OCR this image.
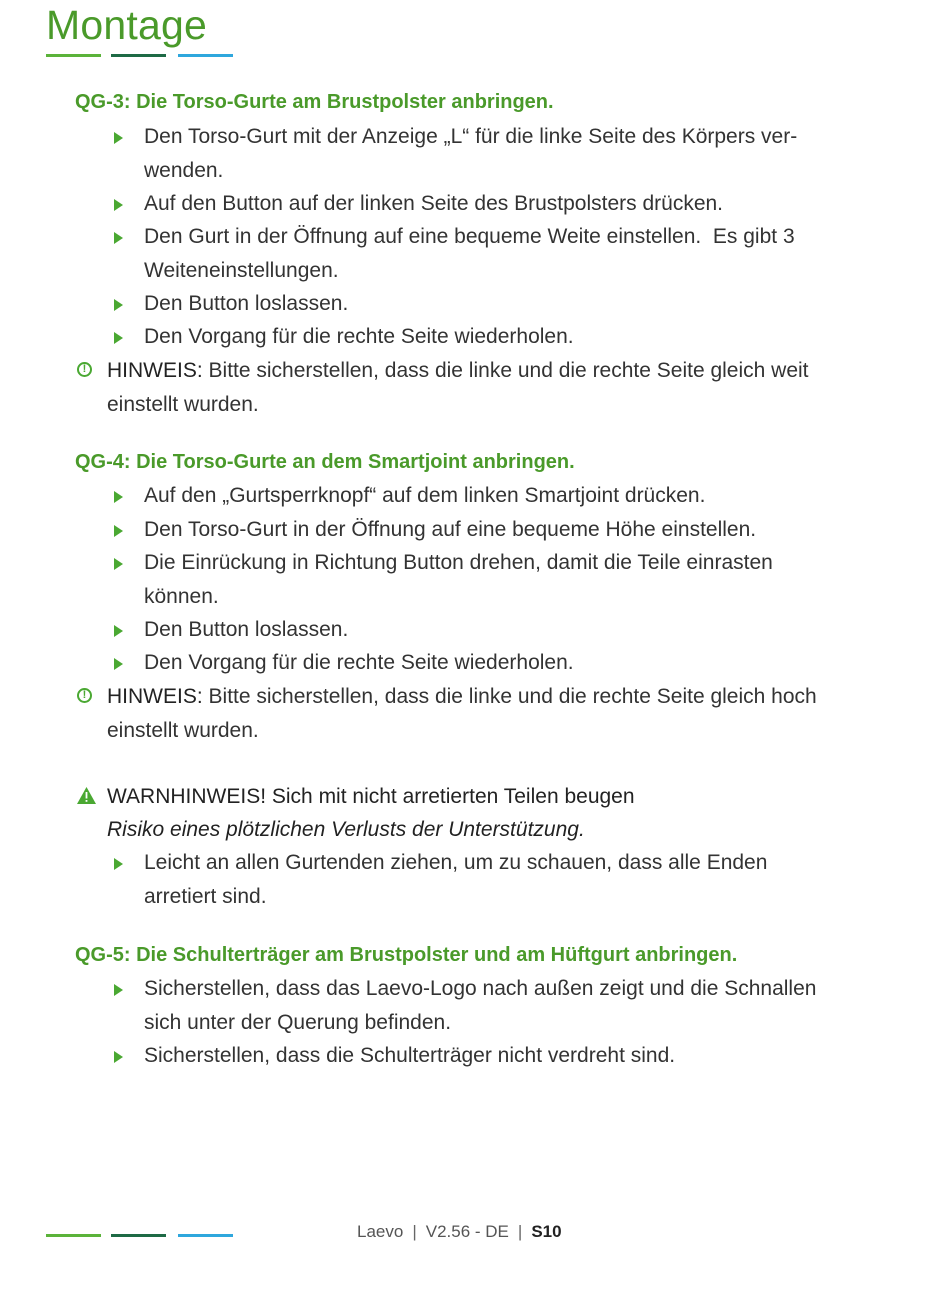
Montage
QG-3: Die Torso-Gurte am Brustpolster anbringen.
Den Torso-Gurt mit der Anzeige „L“ für die linke Seite des Körpers ver-
wenden.
Auf den Button auf der linken Seite des Brustpolsters drücken.
Den Gurt in der Öffnung auf eine bequeme Weite einstellen.  Es gibt 3
Weiteneinstellungen.
Den Button loslassen.
Den Vorgang für die rechte Seite wiederholen.
! HINWEIS: Bitte sicherstellen, dass die linke und die rechte Seite gleich weit
einstellt wurden.
QG-4: Die Torso-Gurte an dem Smartjoint anbringen.
Auf den „Gurtsperrknopf“ auf dem linken Smartjoint drücken.
Den Torso-Gurt in der Öffnung auf eine bequeme Höhe einstellen.
Die Einrückung in Richtung Button drehen, damit die Teile einrasten
können.
Den Button loslassen.
Den Vorgang für die rechte Seite wiederholen.
! HINWEIS: Bitte sicherstellen, dass die linke und die rechte Seite gleich hoch
einstellt wurden.
WARNHINWEIS! Sich mit nicht arretierten Teilen beugen
Risiko eines plötzlichen Verlusts der Unterstützung.
Leicht an allen Gurtenden ziehen, um zu schauen, dass alle Enden
arretiert sind.
QG-5: Die Schulterträger am Brustpolster und am Hüftgurt anbringen.
Sicherstellen, dass das Laevo-Logo nach außen zeigt und die Schnallen
sich unter der Querung befinden.
Sicherstellen, dass die Schulterträger nicht verdreht sind.
Laevo | V2.56 - DE | S10
